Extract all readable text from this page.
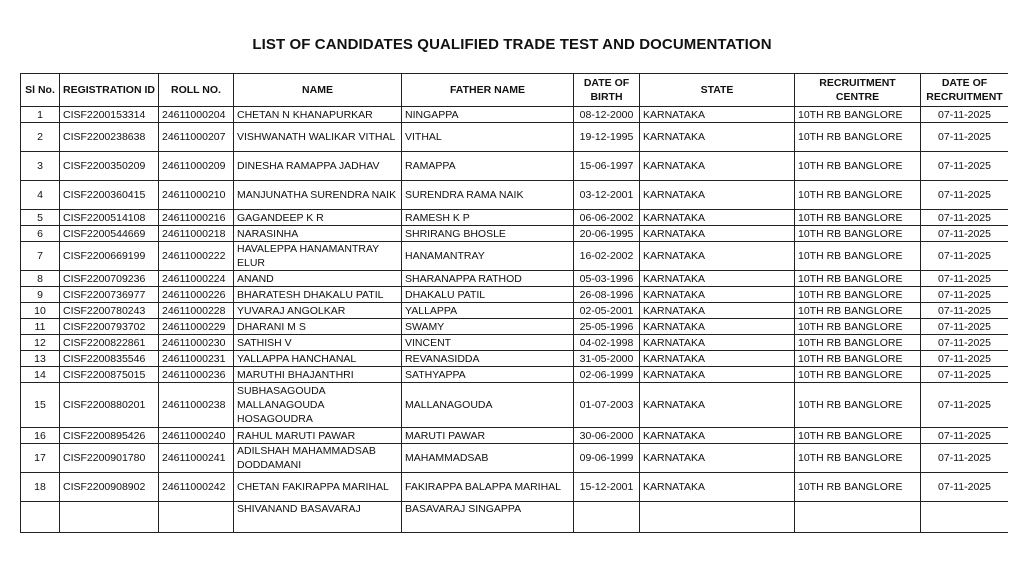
LIST OF CANDIDATES QUALIFIED TRADE TEST AND DOCUMENTATION
Sl No.	REGISTRATION ID	ROLL NO.	NAME	FATHER NAME	DATE OF BIRTH	STATE	RECRUITMENT CENTRE	DATE OF RECRUITMENT
1	CISF2200153314	24611000204	CHETAN N KHANAPURKAR	NINGAPPA	08-12-2000	KARNATAKA	10TH RB BANGLORE	07-11-2025
2	CISF2200238638	24611000207	VISHWANATH WALIKAR VITHAL	VITHAL	19-12-1995	KARNATAKA	10TH RB BANGLORE	07-11-2025
3	CISF2200350209	24611000209	DINESHA RAMAPPA JADHAV	RAMAPPA	15-06-1997	KARNATAKA	10TH RB BANGLORE	07-11-2025
4	CISF2200360415	24611000210	MANJUNATHA SURENDRA NAIK	SURENDRA RAMA NAIK	03-12-2001	KARNATAKA	10TH RB BANGLORE	07-11-2025
5	CISF2200514108	24611000216	GAGANDEEP K R	RAMESH K P	06-06-2002	KARNATAKA	10TH RB BANGLORE	07-11-2025
6	CISF2200544669	24611000218	NARASINHA	SHRIRANG BHOSLE	20-06-1995	KARNATAKA	10TH RB BANGLORE	07-11-2025
7	CISF2200669199	24611000222	HAVALEPPA HANAMANTRAY ELUR	HANAMANTRAY	16-02-2002	KARNATAKA	10TH RB BANGLORE	07-11-2025
8	CISF2200709236	24611000224	ANAND	SHARANAPPA RATHOD	05-03-1996	KARNATAKA	10TH RB BANGLORE	07-11-2025
9	CISF2200736977	24611000226	BHARATESH DHAKALU PATIL	DHAKALU PATIL	26-08-1996	KARNATAKA	10TH RB BANGLORE	07-11-2025
10	CISF2200780243	24611000228	YUVARAJ ANGOLKAR	YALLAPPA	02-05-2001	KARNATAKA	10TH RB BANGLORE	07-11-2025
11	CISF2200793702	24611000229	DHARANI M S	SWAMY	25-05-1996	KARNATAKA	10TH RB BANGLORE	07-11-2025
12	CISF2200822861	24611000230	SATHISH V	VINCENT	04-02-1998	KARNATAKA	10TH RB BANGLORE	07-11-2025
13	CISF2200835546	24611000231	YALLAPPA HANCHANAL	REVANASIDDA	31-05-2000	KARNATAKA	10TH RB BANGLORE	07-11-2025
14	CISF2200875015	24611000236	MARUTHI BHAJANTHRI	SATHYAPPA	02-06-1999	KARNATAKA	10TH RB BANGLORE	07-11-2025
15	CISF2200880201	24611000238	SUBHASAGOUDA MALLANAGOUDA HOSAGOUDRA	MALLANAGOUDA	01-07-2003	KARNATAKA	10TH RB BANGLORE	07-11-2025
16	CISF2200895426	24611000240	RAHUL MARUTI PAWAR	MARUTI PAWAR	30-06-2000	KARNATAKA	10TH RB BANGLORE	07-11-2025
17	CISF2200901780	24611000241	ADILSHAH MAHAMMADSAB DODDAMANI	MAHAMMADSAB	09-06-1999	KARNATAKA	10TH RB BANGLORE	07-11-2025
18	CISF2200908902	24611000242	CHETAN FAKIRAPPA MARIHAL	FAKIRAPPA BALAPPA MARIHAL	15-12-2001	KARNATAKA	10TH RB BANGLORE	07-11-2025
			SHIVANAND BASAVARAJ	BASAVARAJ SINGAPPA				
